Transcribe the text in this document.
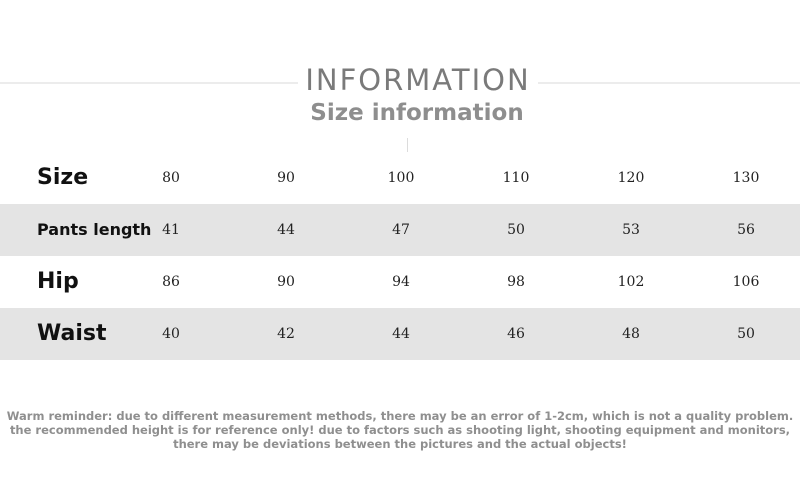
INFORMATION
Size information
Size	80	90	100	110	120	130
Pants length 41	44	47	50	53	56
Hip	86	90	94	98	102	106
Waist	40	42	44	46	48	50
Warm reminder: due to different measurement methods, there may be an error of 1-2cm, which is not a quality problem.
the recommended height is for reference only! due to factors such as shooting light, shooting equipment and monitors,
there may be deviations between the pictures and the actual objects!
